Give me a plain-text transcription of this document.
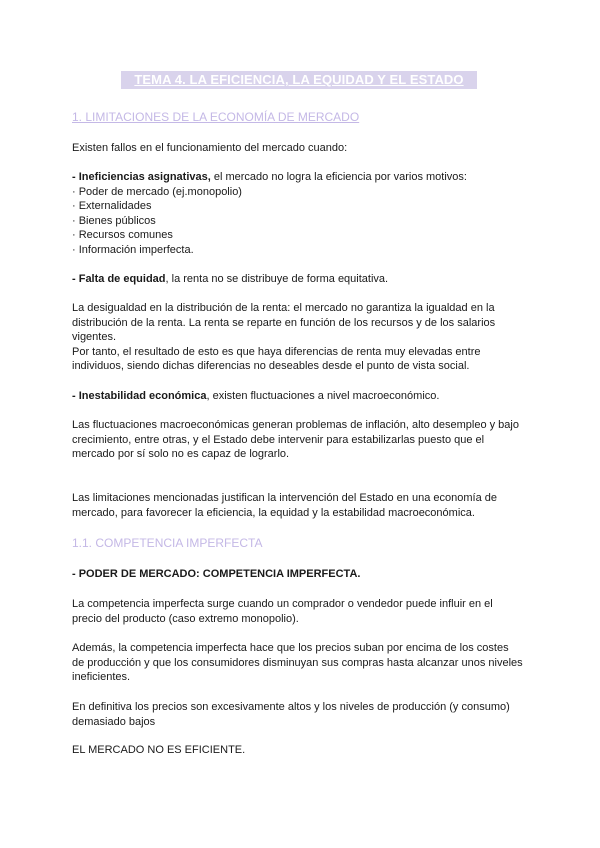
TEMA 4. LA EFICIENCIA, LA EQUIDAD Y EL ESTADO
1. LIMITACIONES DE LA ECONOMÍA DE MERCADO
Existen fallos en el funcionamiento del mercado cuando:
- Ineficiencias asignativas, el mercado no logra la eficiencia por varios motivos:
· Poder de mercado (ej.monopolio)
· Externalidades
· Bienes públicos
· Recursos comunes
· Información imperfecta.
- Falta de equidad, la renta no se distribuye de forma equitativa.
La desigualdad en la distribución de la renta: el mercado no garantiza la igualdad en la
distribución de la renta. La renta se reparte en función de los recursos y de los salarios
vigentes.
Por tanto, el resultado de esto es que haya diferencias de renta muy elevadas entre
individuos, siendo dichas diferencias no deseables desde el punto de vista social.
- Inestabilidad económica, existen fluctuaciones a nivel macroeconómico.
Las fluctuaciones macroeconómicas generan problemas de inflación, alto desempleo y bajo
crecimiento, entre otras, y el Estado debe intervenir para estabilizarlas puesto que el
mercado por sí solo no es capaz de lograrlo.
Las limitaciones mencionadas justifican la intervención del Estado en una economía de
mercado, para favorecer la eficiencia, la equidad y la estabilidad macroeconómica.
1.1. COMPETENCIA IMPERFECTA
- PODER DE MERCADO: COMPETENCIA IMPERFECTA.
La competencia imperfecta surge cuando un comprador o vendedor puede influir en el
precio del producto (caso extremo monopolio).
Además, la competencia imperfecta hace que los precios suban por encima de los costes
de producción y que los consumidores disminuyan sus compras hasta alcanzar unos niveles
ineficientes.
En definitiva los precios son excesivamente altos y los niveles de producción (y consumo)
demasiado bajos
EL MERCADO NO ES EFICIENTE.
